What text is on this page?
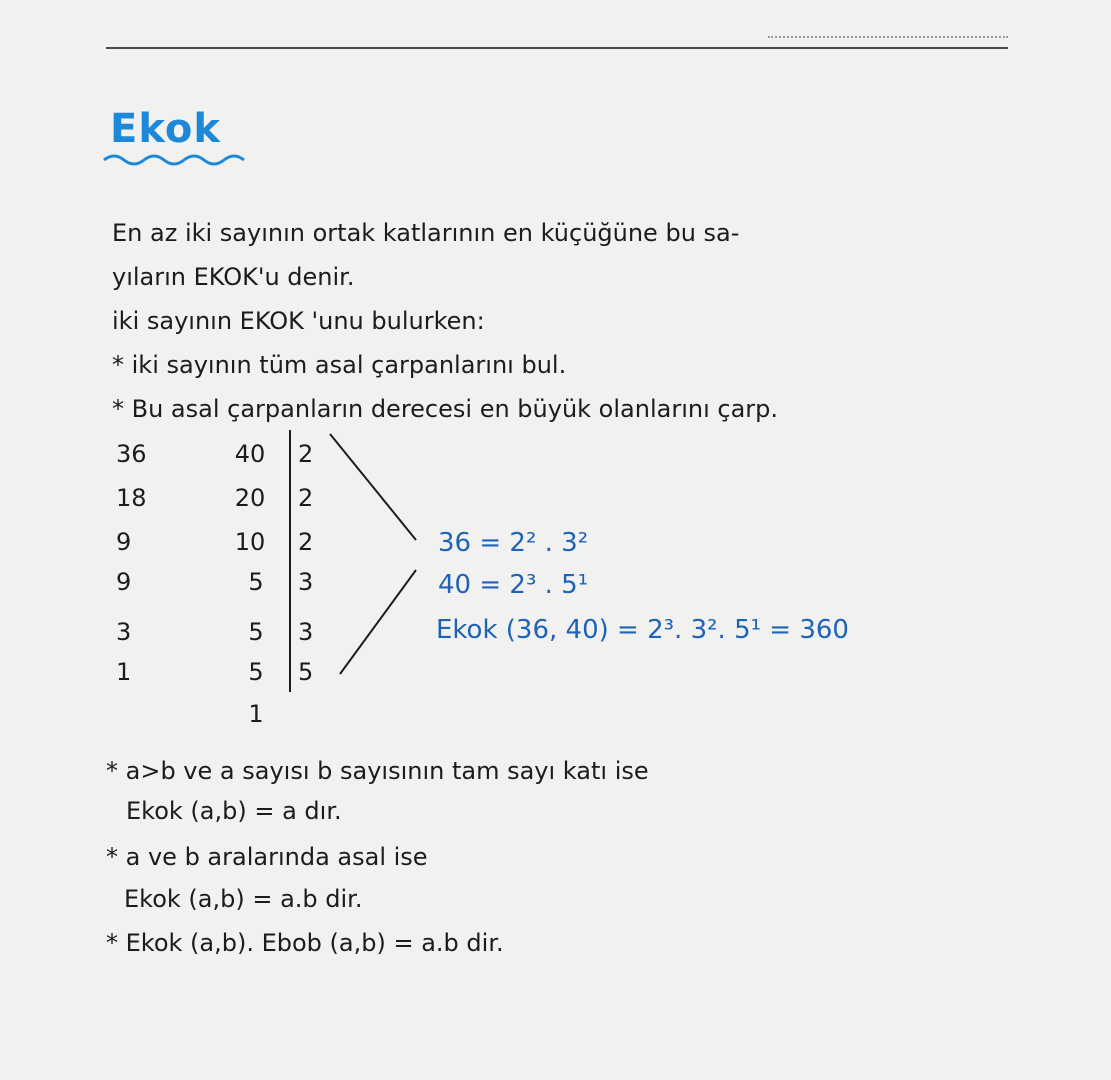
Ekok
En az iki sayının ortak katlarının en küçüğüne bu sa-
yıların EKOK'u denir.
iki sayının EKOK 'unu bulurken:
* iki sayının tüm asal çarpanlarını bul.
* Bu asal çarpanların derecesi en büyük olanlarını çarp.
36
18
9
9
3
1
40
20
10
5
5
5
1
2
2
2
3
3
5
36 = 2² . 3²
40 = 2³ . 5¹
Ekok (36, 40) = 2³. 3². 5¹ = 360
* a>b ve a sayısı b sayısının tam sayı katı ise
Ekok (a,b) = a dır.
* a ve b aralarında asal ise
Ekok (a,b) = a.b dir.
* Ekok (a,b). Ebob (a,b) = a.b dir.
